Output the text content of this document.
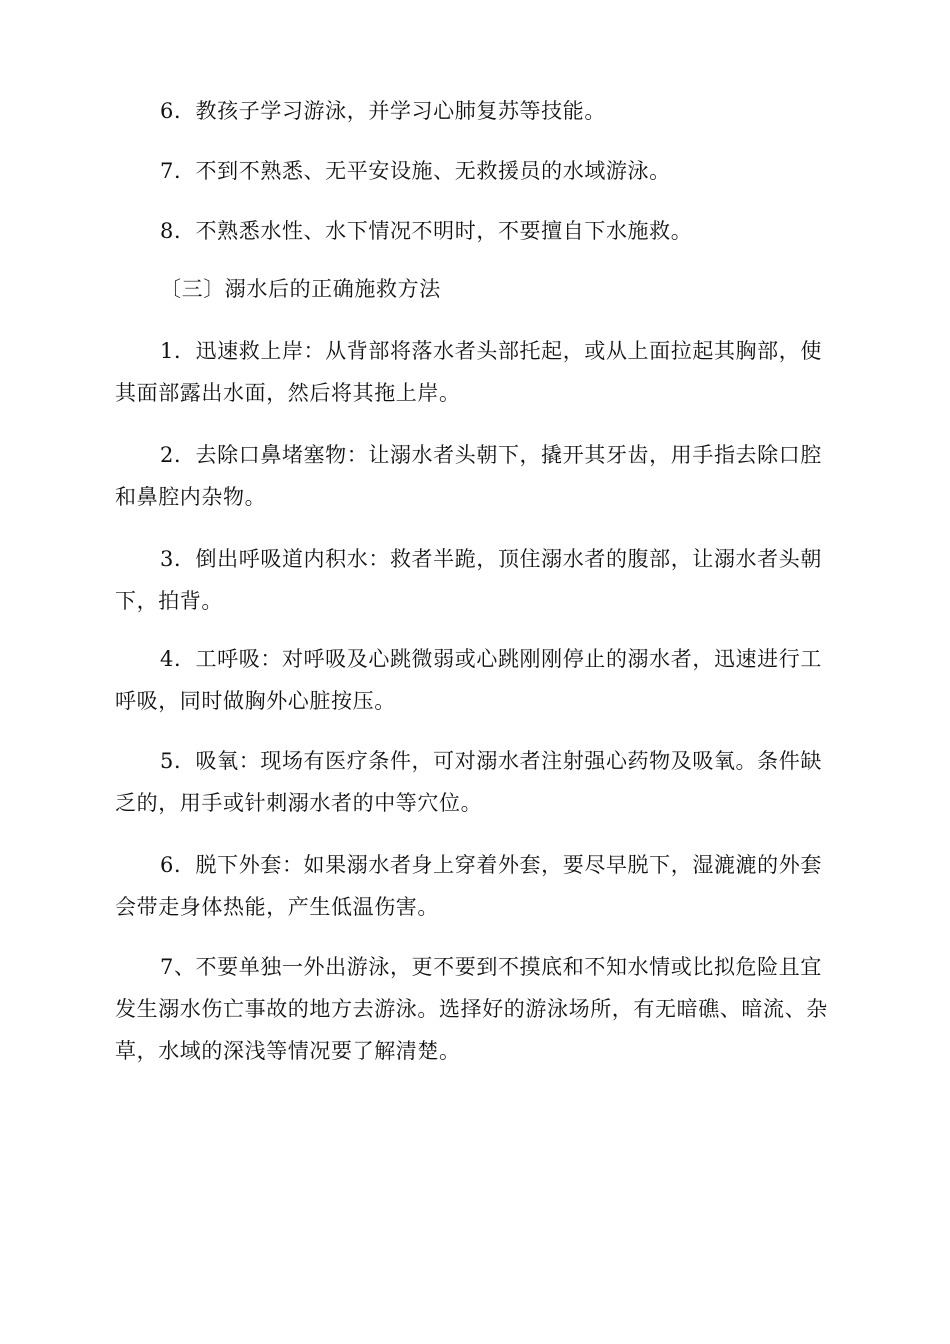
6．教孩子学习游泳，并学习心肺复苏等技能。

7．不到不熟悉、无平安设施、无救援员的水域游泳。

8．不熟悉水性、水下情况不明时，不要擅自下水施救。

〔三〕溺水后的正确施救方法

1．迅速救上岸：从背部将落水者头部托起，或从上面拉起其胸部，使其面部露出水面，然后将其拖上岸。

2．去除口鼻堵塞物：让溺水者头朝下，撬开其牙齿，用手指去除口腔和鼻腔内杂物。

3．倒出呼吸道内积水：救者半跪，顶住溺水者的腹部，让溺水者头朝下，拍背。

4．工呼吸：对呼吸及心跳微弱或心跳刚刚停止的溺水者，迅速进行工呼吸，同时做胸外心脏按压。

5．吸氧：现场有医疗条件，可对溺水者注射强心药物及吸氧。条件缺乏的，用手或针刺溺水者的中等穴位。

6．脱下外套：如果溺水者身上穿着外套，要尽早脱下，湿漉漉的外套会带走身体热能，产生低温伤害。

7、不要单独一外出游泳，更不要到不摸底和不知水情或比拟危险且宜发生溺水伤亡事故的地方去游泳。选择好的游泳场所，有无暗礁、暗流、杂草，水域的深浅等情况要了解清楚。
